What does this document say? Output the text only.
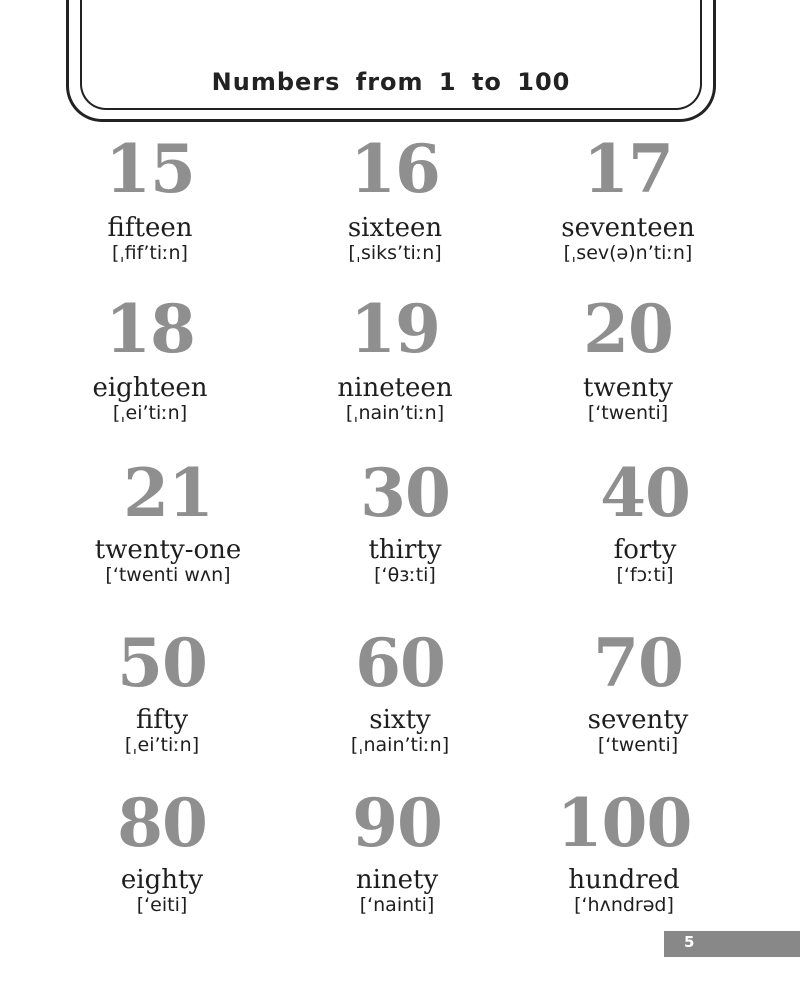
Numbers from 1 to 100
15
fifteen
[ˌfif’tiːn]
16
sixteen
[ˌsiks’tiːn]
17
seventeen
[ˌsev(ə)n’tiːn]
18
eighteen
[ˌei’tiːn]
19
nineteen
[ˌnain’tiːn]
20
twenty
[‘twenti]
21
twenty-one
[‘twenti wʌn]
30
thirty
[‘θɜːti]
40
forty
[‘fɔːti]
50
fifty
[ˌei’tiːn]
60
sixty
[ˌnain’tiːn]
70
seventy
[‘twenti]
80
eighty
[‘eiti]
90
ninety
[‘nainti]
100
hundred
[‘hʌndrəd]
5
